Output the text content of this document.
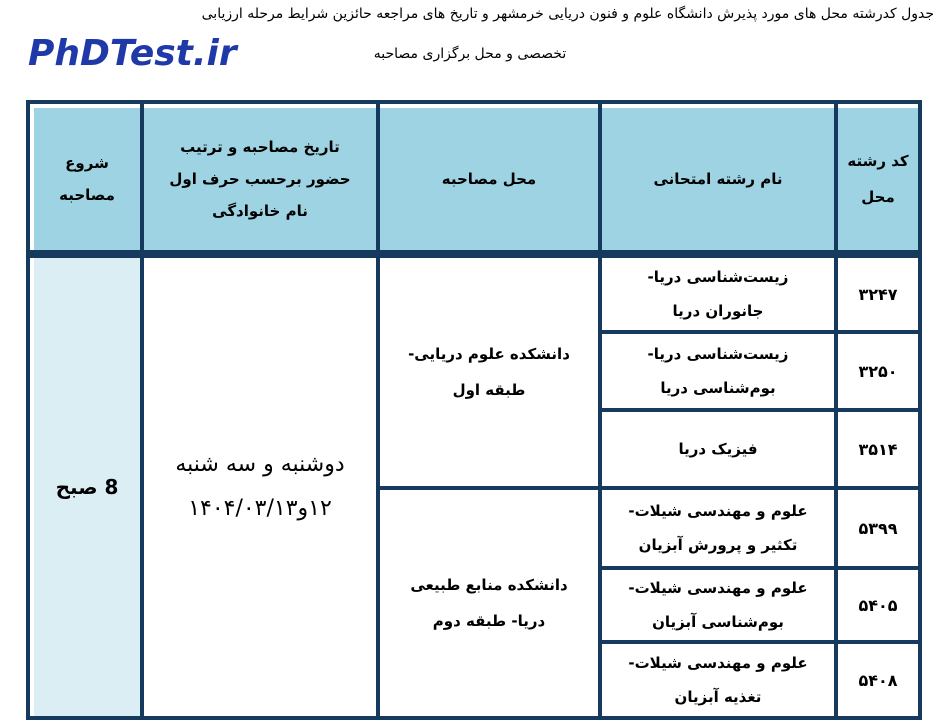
جدول کدرشته محل های مورد پذیرش دانشگاه علوم و فنون دریایی خرمشهر و تاریخ های مراجعه حائزین شرایط مرحله ارزیابی
PhDTest.ir	تخصصی و محل برگزاری مصاحبه
کد رشته محل
نام رشته امتحانی
محل مصاحبه
تاریخ مصاحبه و ترتیب حضور برحسب حرف اول نام خانوادگی
شروع مصاحبه
۳۲۴۷
۳۲۵۰
۳۵۱۴
۵۳۹۹
۵۴۰۵
۵۴۰۸
زیست‌شناسی دریا- جانوران دریا
زیست‌شناسی دریا- بوم‌شناسی دریا
فیزیک دریا
علوم و مهندسی شیلات- تکثیر و پرورش آبزیان
علوم و مهندسی شیلات- بوم‌شناسی آبزیان
علوم و مهندسی شیلات- تغذیه آبزیان
دانشکده علوم دریایی- طبقه اول
دانشکده منابع طبیعی دریا- طبقه دوم
دوشنبه و سه شنبه ۱۲و۱۴۰۴/۰۳/۱۳
8 صبح
